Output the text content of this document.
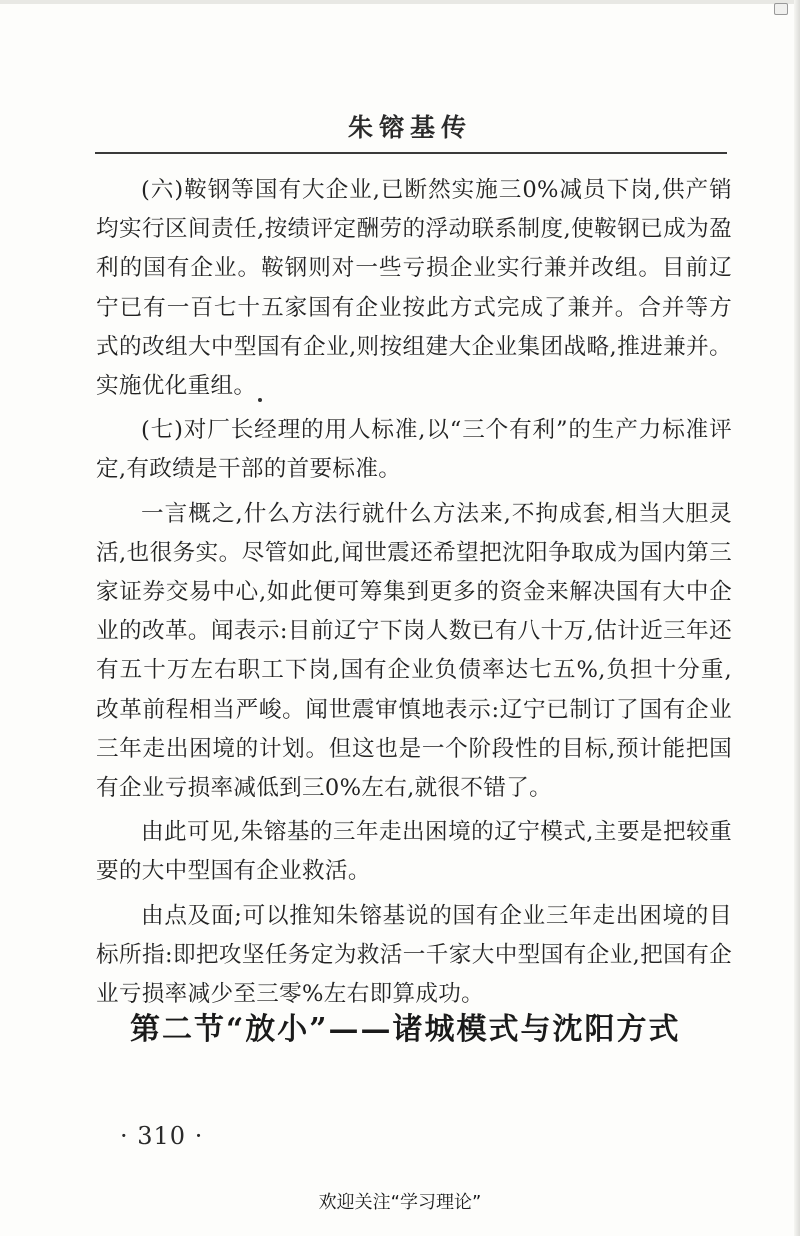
朱镕基传

(六)鞍钢等国有大企业,已断然实施三0%减员下岗,供产销均实行区间责任,按绩评定酬劳的浮动联系制度,使鞍钢已成为盈利的国有企业。鞍钢则对一些亏损企业实行兼并改组。目前辽宁已有一百七十五家国有企业按此方式完成了兼并。合并等方式的改组大中型国有企业,则按组建大企业集团战略,推进兼并。实施优化重组。

(七)对厂长经理的用人标准,以“三个有利”的生产力标准评定,有政绩是干部的首要标准。

一言概之,什么方法行就什么方法来,不拘成套,相当大胆灵活,也很务实。尽管如此,闻世震还希望把沈阳争取成为国内第三家证券交易中心,如此便可筹集到更多的资金来解决国有大中企业的改革。闻表示:目前辽宁下岗人数已有八十万,估计近三年还有五十万左右职工下岗,国有企业负债率达七五%,负担十分重,改革前程相当严峻。闻世震审慎地表示:辽宁已制订了国有企业三年走出困境的计划。但这也是一个阶段性的目标,预计能把国有企业亏损率减低到三0%左右,就很不错了。

由此可见,朱镕基的三年走出困境的辽宁模式,主要是把较重要的大中型国有企业救活。

由点及面;可以推知朱镕基说的国有企业三年走出困境的目标所指:即把攻坚任务定为救活一千家大中型国有企业,把国有企业亏损率减少至三零%左右即算成功。

第二节“放小”——诸城模式与沈阳方式
· 310 ·
欢迎关注“学习理论”
